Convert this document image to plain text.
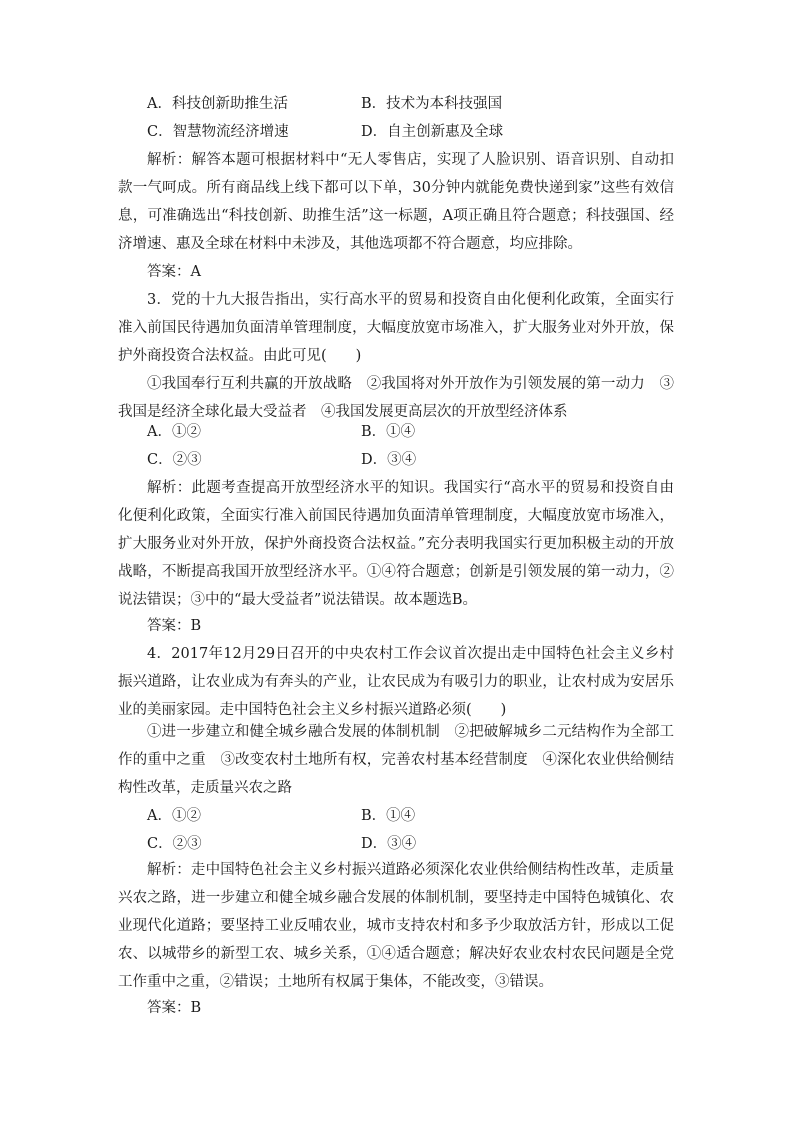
A．科技创新助推生活	B．技术为本科技强国
C．智慧物流经济增速	D．自主创新惠及全球

解析：解答本题可根据材料中“无人零售店，实现了人脸识别、语音识别、自动扣款一气呵成。所有商品线上线下都可以下单，30分钟内就能免费快递到家”这些有效信息，可准确选出“科技创新、助推生活”这一标题，A项正确且符合题意；科技强国、经济增速、惠及全球在材料中未涉及，其他选项都不符合题意，均应排除。

答案：A

3．党的十九大报告指出，实行高水平的贸易和投资自由化便利化政策，全面实行准入前国民待遇加负面清单管理制度，大幅度放宽市场准入，扩大服务业对外开放，保护外商投资合法权益。由此可见(　　)

①我国奉行互利共赢的开放战略　②我国将对外开放作为引领发展的第一动力　③我国是经济全球化最大受益者　④我国发展更高层次的开放型经济体系

A．①②	B．①④
C．②③	D．③④

解析：此题考查提高开放型经济水平的知识。我国实行“高水平的贸易和投资自由化便利化政策，全面实行准入前国民待遇加负面清单管理制度，大幅度放宽市场准入，扩大服务业对外开放，保护外商投资合法权益。”充分表明我国实行更加积极主动的开放战略，不断提高我国开放型经济水平。①④符合题意；创新是引领发展的第一动力，②说法错误；③中的“最大受益者”说法错误。故本题选B。

答案：B

4．2017年12月29日召开的中央农村工作会议首次提出走中国特色社会主义乡村振兴道路，让农业成为有奔头的产业，让农民成为有吸引力的职业，让农村成为安居乐业的美丽家园。走中国特色社会主义乡村振兴道路必须(　　)

①进一步建立和健全城乡融合发展的体制机制　②把破解城乡二元结构作为全部工作的重中之重　③改变农村土地所有权，完善农村基本经营制度　④深化农业供给侧结构性改革，走质量兴农之路

A．①②	B．①④
C．②③	D．③④

解析：走中国特色社会主义乡村振兴道路必须深化农业供给侧结构性改革，走质量兴农之路，进一步建立和健全城乡融合发展的体制机制，要坚持走中国特色城镇化、农业现代化道路；要坚持工业反哺农业，城市支持农村和多予少取放活方针，形成以工促农、以城带乡的新型工农、城乡关系，①④适合题意；解决好农业农村农民问题是全党工作重中之重，②错误；土地所有权属于集体，不能改变，③错误。

答案：B
